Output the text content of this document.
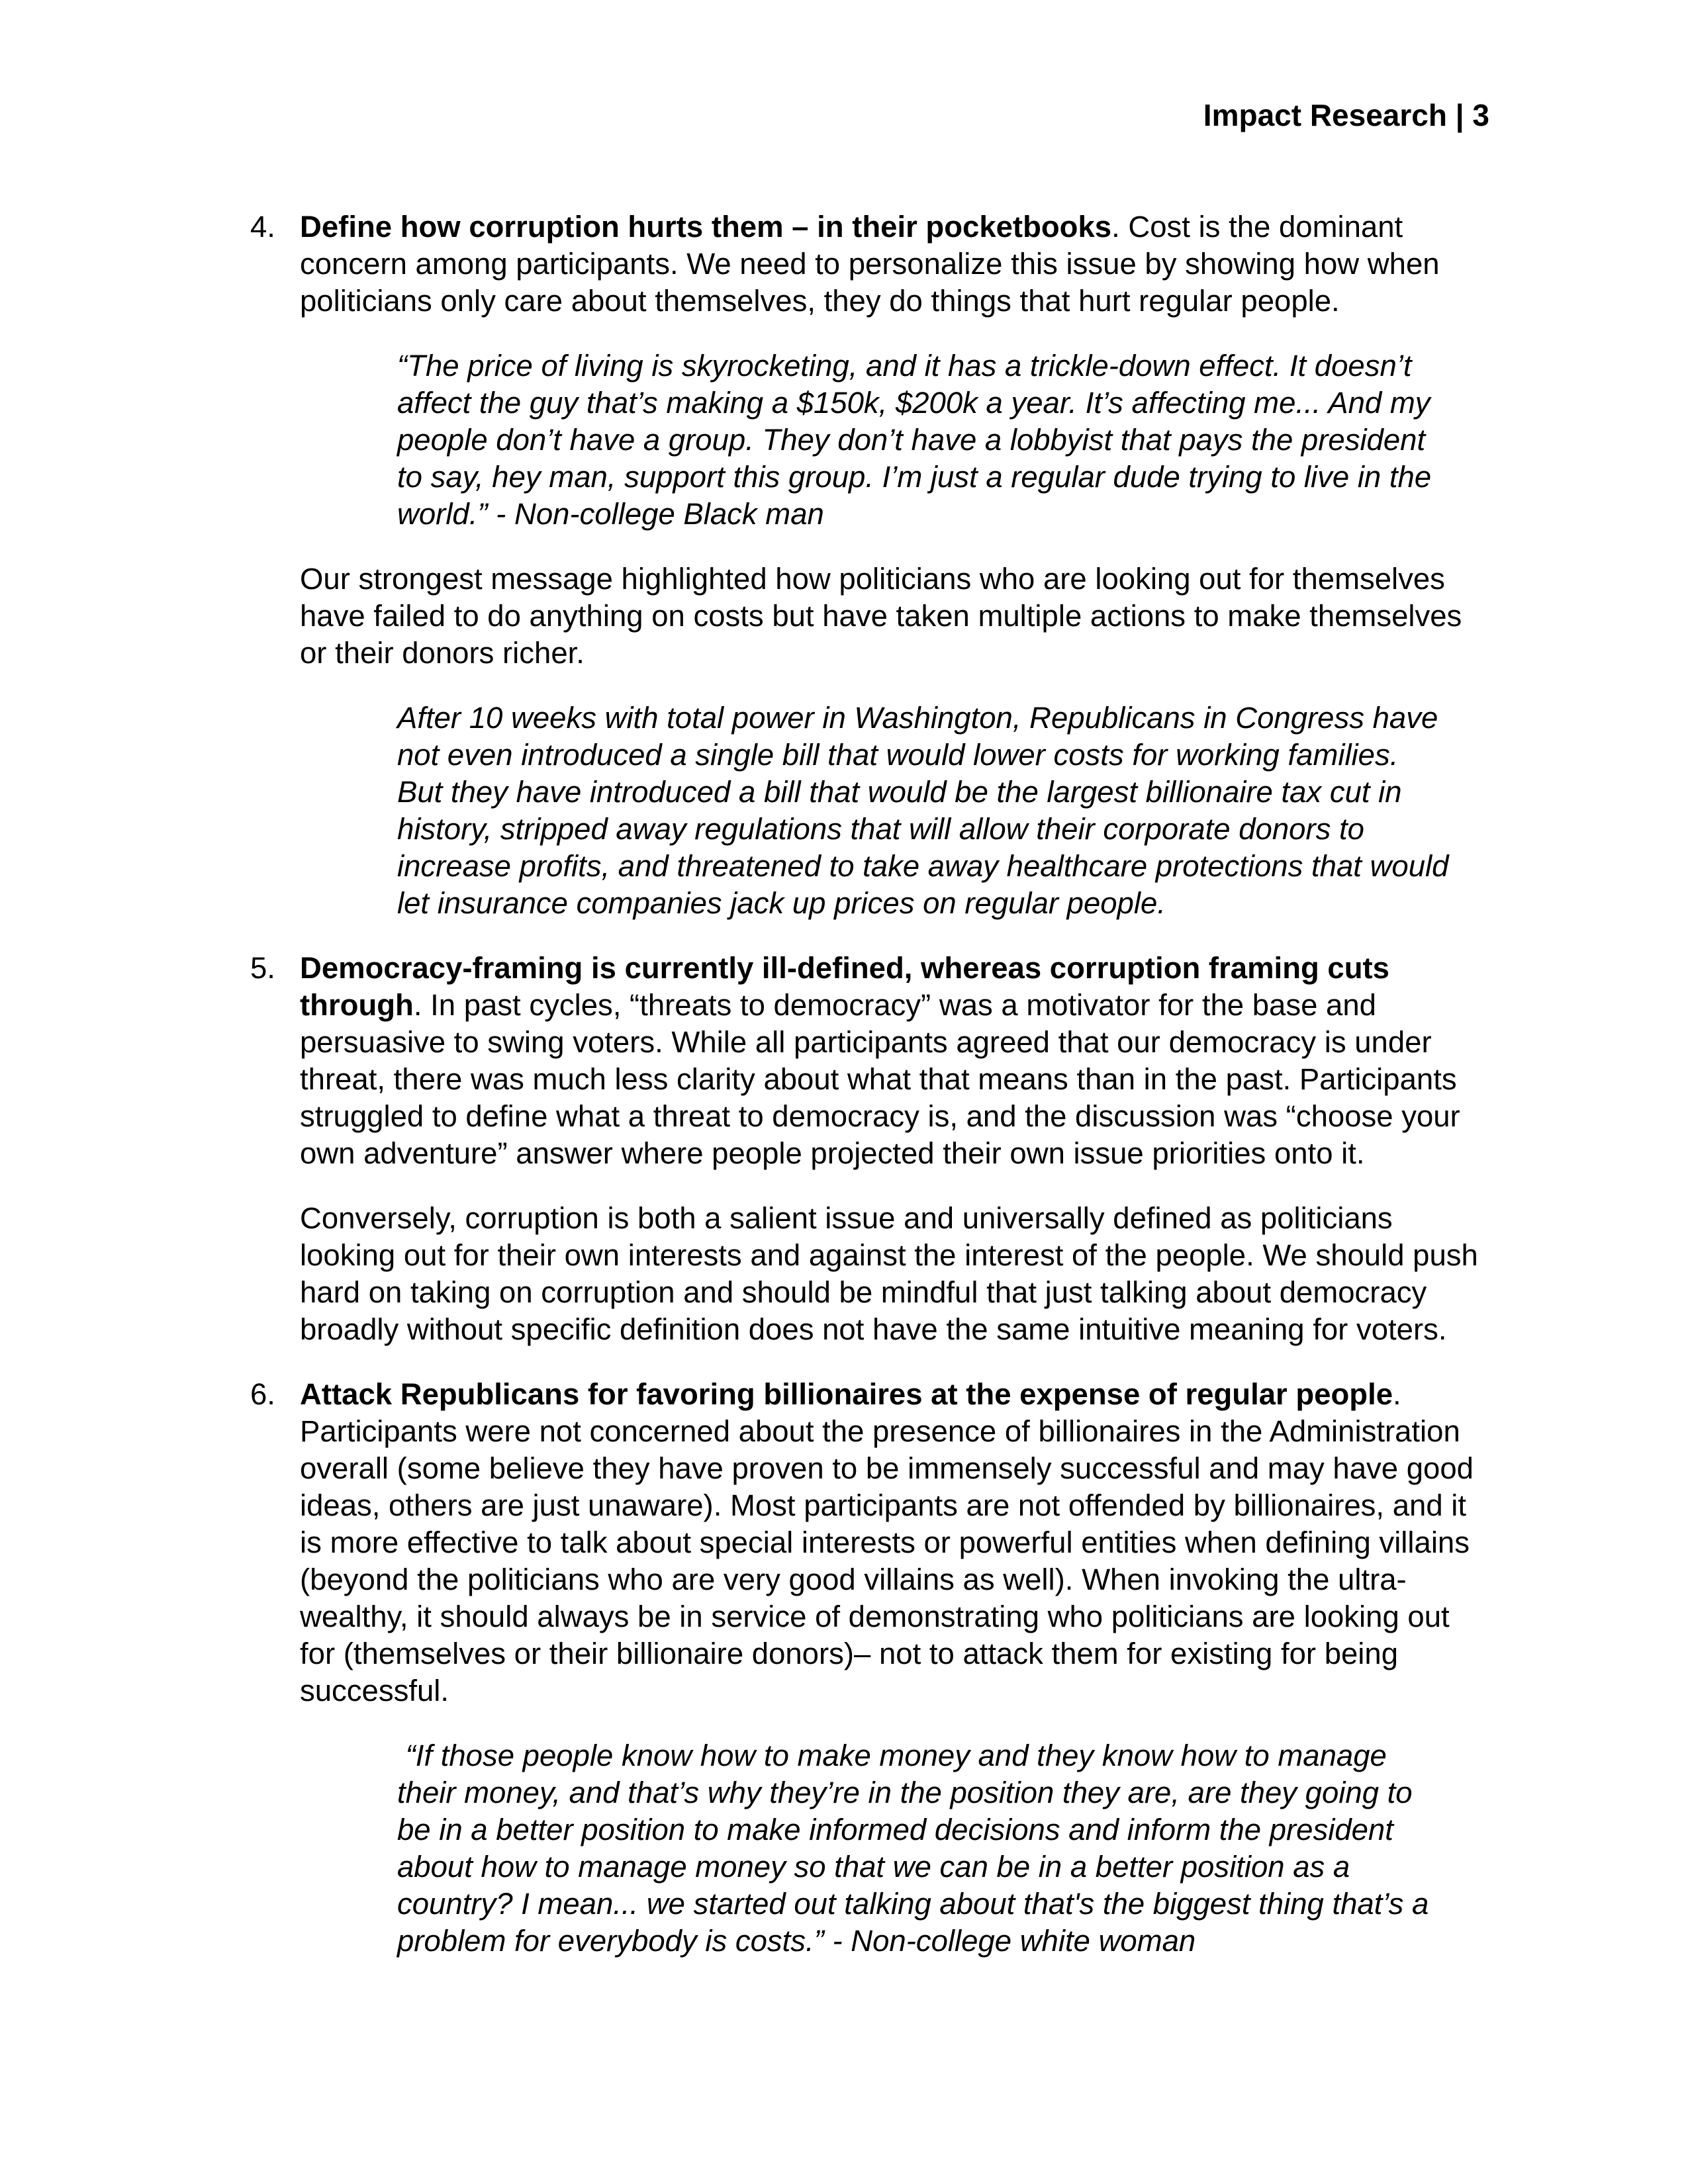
Impact Research | 3
4. Define how corruption hurts them – in their pocketbooks. Cost is the dominant concern among participants. We need to personalize this issue by showing how when politicians only care about themselves, they do things that hurt regular people.
“The price of living is skyrocketing, and it has a trickle-down effect. It doesn’t affect the guy that’s making a $150k, $200k a year. It’s affecting me... And my people don’t have a group. They don’t have a lobbyist that pays the president to say, hey man, support this group. I’m just a regular dude trying to live in the world.” - Non-college Black man
Our strongest message highlighted how politicians who are looking out for themselves have failed to do anything on costs but have taken multiple actions to make themselves or their donors richer.
After 10 weeks with total power in Washington, Republicans in Congress have not even introduced a single bill that would lower costs for working families. But they have introduced a bill that would be the largest billionaire tax cut in history, stripped away regulations that will allow their corporate donors to increase profits, and threatened to take away healthcare protections that would let insurance companies jack up prices on regular people.
5. Democracy-framing is currently ill-defined, whereas corruption framing cuts through. In past cycles, “threats to democracy” was a motivator for the base and persuasive to swing voters. While all participants agreed that our democracy is under threat, there was much less clarity about what that means than in the past. Participants struggled to define what a threat to democracy is, and the discussion was “choose your own adventure” answer where people projected their own issue priorities onto it.
Conversely, corruption is both a salient issue and universally defined as politicians looking out for their own interests and against the interest of the people. We should push hard on taking on corruption and should be mindful that just talking about democracy broadly without specific definition does not have the same intuitive meaning for voters.
6. Attack Republicans for favoring billionaires at the expense of regular people. Participants were not concerned about the presence of billionaires in the Administration overall (some believe they have proven to be immensely successful and may have good ideas, others are just unaware). Most participants are not offended by billionaires, and it is more effective to talk about special interests or powerful entities when defining villains (beyond the politicians who are very good villains as well). When invoking the ultra-wealthy, it should always be in service of demonstrating who politicians are looking out for (themselves or their billionaire donors)– not to attack them for existing for being successful.
“If those people know how to make money and they know how to manage their money, and that’s why they’re in the position they are, are they going to be in a better position to make informed decisions and inform the president about how to manage money so that we can be in a better position as a country? I mean... we started out talking about that's the biggest thing that’s a problem for everybody is costs.” - Non-college white woman
